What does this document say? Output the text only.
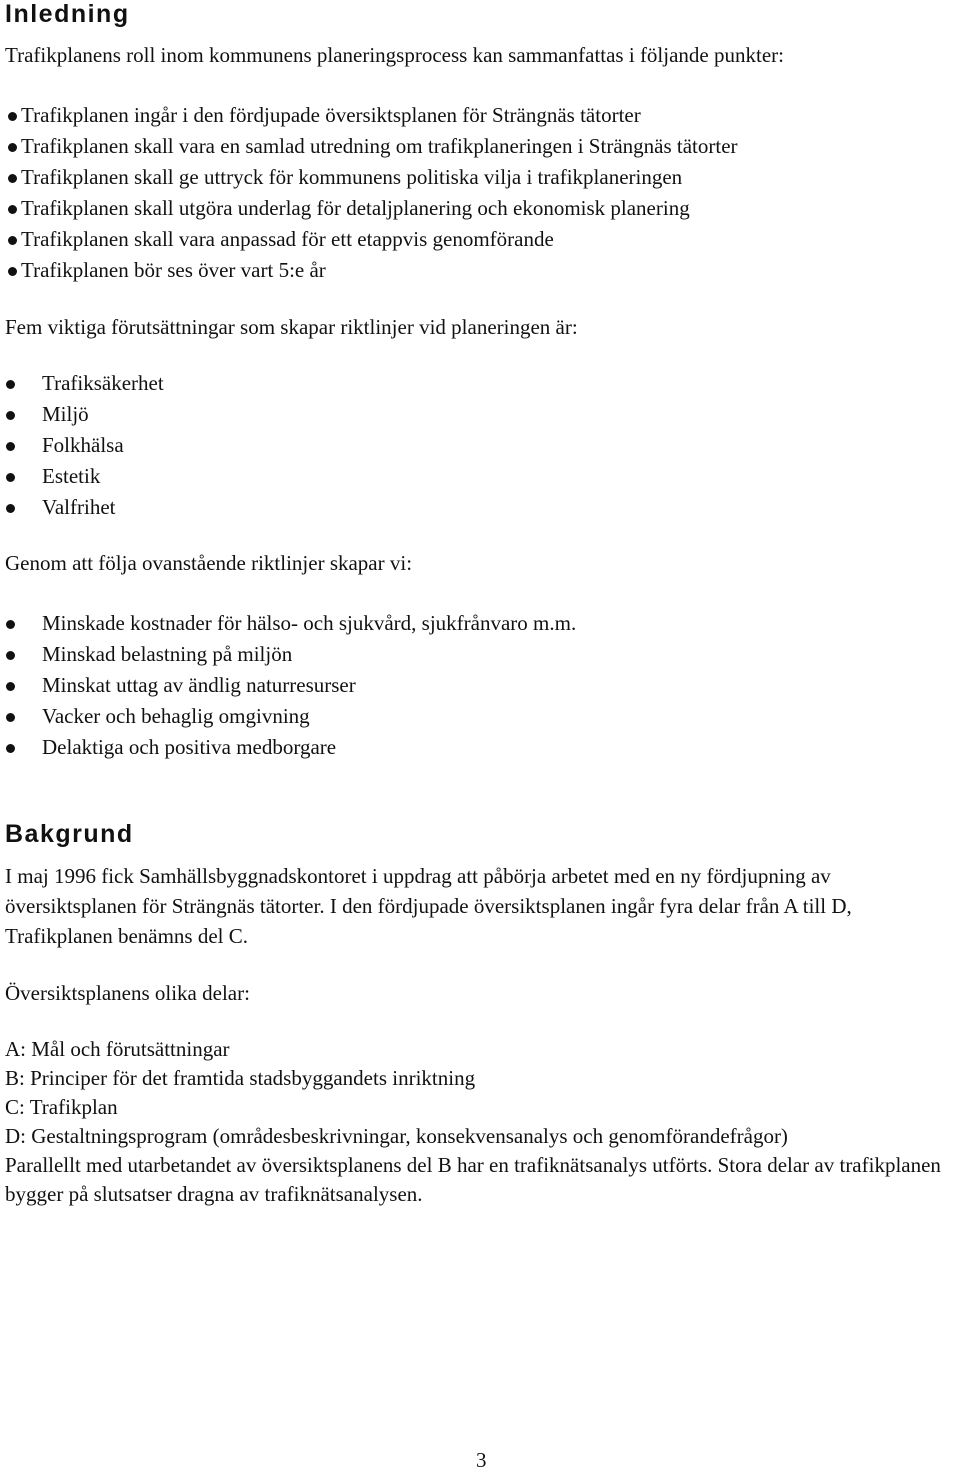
Inledning

Trafikplanens roll inom kommunens planeringsprocess kan sammanfattas i följande punkter:

Trafikplanen ingår i den fördjupade översiktsplanen för Strängnäs tätorter
Trafikplanen skall vara en samlad utredning om trafikplaneringen i Strängnäs tätorter
Trafikplanen skall ge uttryck för kommunens politiska vilja i trafikplaneringen
Trafikplanen skall utgöra underlag för detaljplanering och ekonomisk planering
Trafikplanen skall vara anpassad för ett etappvis genomförande
Trafikplanen bör ses över vart 5:e år

Fem viktiga förutsättningar som skapar riktlinjer vid planeringen är:

Trafiksäkerhet
Miljö
Folkhälsa
Estetik
Valfrihet

Genom att följa ovanstående riktlinjer skapar vi:

Minskade kostnader för hälso- och sjukvård, sjukfrånvaro m.m.
Minskad belastning på miljön
Minskat uttag av ändlig naturresurser
Vacker och behaglig omgivning
Delaktiga och positiva medborgare
Bakgrund

I maj 1996 fick Samhällsbyggnadskontoret i uppdrag att påbörja arbetet med en ny fördjupning av översiktsplanen för Strängnäs tätorter. I den fördjupade översiktsplanen ingår fyra delar från A till D, Trafikplanen benämns del C.

Översiktsplanens olika delar:

A: Mål och förutsättningar
B: Principer för det framtida stadsbyggandets inriktning
C: Trafikplan
D: Gestaltningsprogram (områdesbeskrivningar, konsekvensanalys och genomförandefrågor)
Parallellt med utarbetandet av översiktsplanens del B har en trafiknätsanalys utförts. Stora delar av trafikplanen bygger på slutsatser dragna av trafiknätsanalysen.
3
